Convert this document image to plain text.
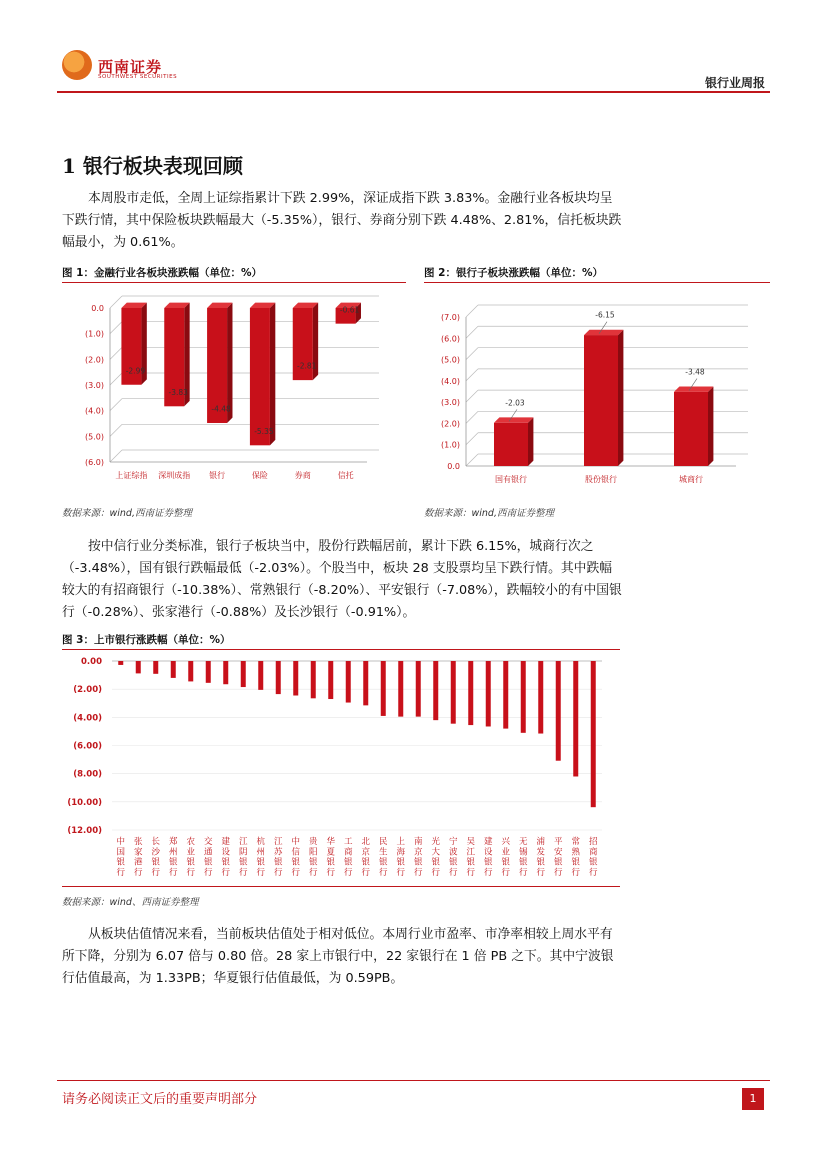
西南证券
SOUTHWEST SECURITIES	银行业周报
1 银行板块表现回顾
本周股市走低，全周上证综指累计下跌 2.99%，深证成指下跌 3.83%。金融行业各板块均呈下跌行情，其中保险板块跌幅最大（-5.35%），银行、券商分别下跌 4.48%、2.81%，信托板块跌幅最小，为 0.61%。
图 1：金融行业各板块涨跌幅（单位：%）
0.0
(1.0)
(2.0)
(3.0)
(4.0)
(5.0)
(6.0)
-2.99
上证综指
-3.83
深圳成指
-4.48
银行
-5.35
保险
-2.81
券商
-0.61
信托
数据来源：wind,西南证券整理
图 2：银行子板块涨跌幅（单位：%）
(7.0)
(6.0)
(5.0)
(4.0)
(3.0)
(2.0)
(1.0)
0.0
-2.03
国有银行
-6.15
股份银行
-3.48
城商行
数据来源：wind,西南证券整理
按中信行业分类标准，银行子板块当中，股份行跌幅居前，累计下跌 6.15%，城商行次之（-3.48%），国有银行跌幅最低（-2.03%）。个股当中，板块 28 支股票均呈下跌行情。其中跌幅较大的有招商银行（-10.38%）、常熟银行（-8.20%）、平安银行（-7.08%），跌幅较小的有中国银行（-0.28%）、张家港行（-0.88%）及长沙银行（-0.91%）。
图 3：上市银行涨跌幅（单位：%）
0.00
(2.00)
(4.00)
(6.00)
(8.00)
(10.00)
(12.00)
中国银行
张家港行
长沙银行
郑州银行
农业银行
交通银行
建设银行
江阴银行
杭州银行
江苏银行
中信银行
贵阳银行
华夏银行
工商银行
北京银行
民生银行
上海银行
南京银行
光大银行
宁波银行
吴江银行
建设银行
兴业银行
无锡银行
浦发银行
平安银行
常熟银行
招商银行
数据来源：wind、西南证券整理
从板块估值情况来看，当前板块估值处于相对低位。本周行业市盈率、市净率相较上周水平有所下降，分别为 6.07 倍与 0.80 倍。28 家上市银行中，22 家银行在 1 倍 PB 之下。其中宁波银行估值最高，为 1.33PB；华夏银行估值最低，为 0.59PB。
请务必阅读正文后的重要声明部分	1
